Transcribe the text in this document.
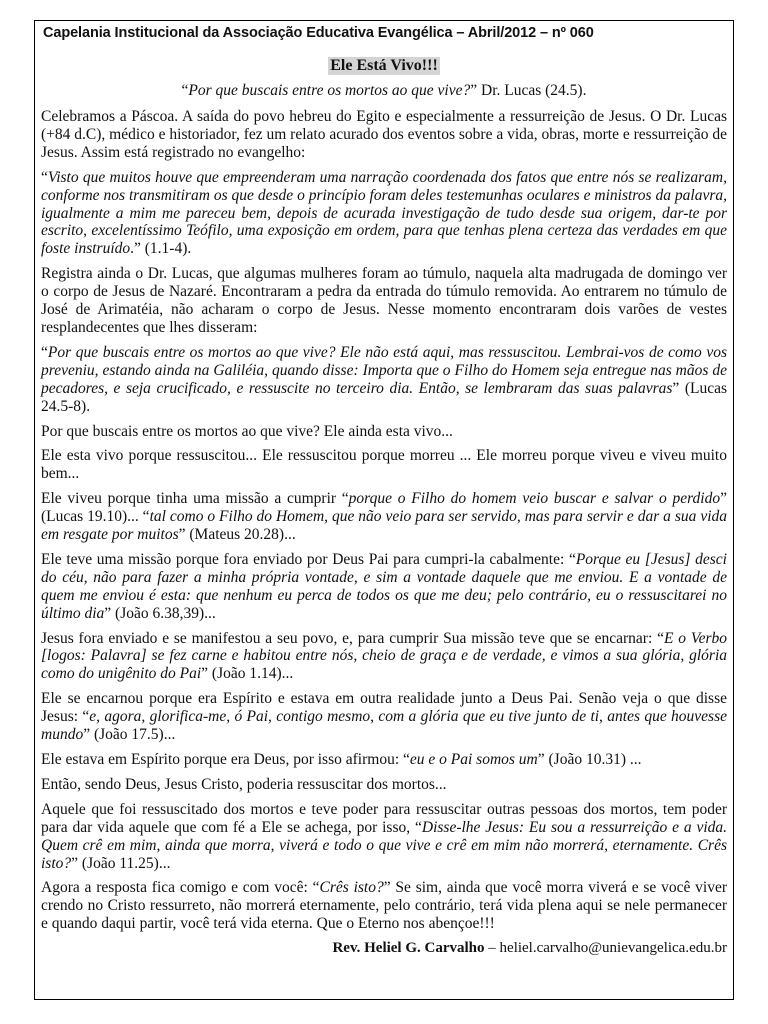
Capelania Institucional da Associação Educativa Evangélica – Abril/2012 – nº 060
Ele Está Vivo!!!
“Por que buscais entre os mortos ao que vive?” Dr. Lucas (24.5).

Celebramos a Páscoa. A saída do povo hebreu do Egito e especialmente a ressurreição de Jesus. O Dr. Lucas (+84 d.C), médico e historiador, fez um relato acurado dos eventos sobre a vida, obras, morte e ressurreição de Jesus. Assim está registrado no evangelho:

“Visto que muitos houve que empreenderam uma narração coordenada dos fatos que entre nós se realizaram, conforme nos transmitiram os que desde o princípio foram deles testemunhas oculares e ministros da palavra, igualmente a mim me pareceu bem, depois de acurada investigação de tudo desde sua origem, dar-te por escrito, excelentíssimo Teófilo, uma exposição em ordem, para que tenhas plena certeza das verdades em que foste instruído.” (1.1-4).

Registra ainda o Dr. Lucas, que algumas mulheres foram ao túmulo, naquela alta madrugada de domingo ver o corpo de Jesus de Nazaré. Encontraram a pedra da entrada do túmulo removida. Ao entrarem no túmulo de José de Arimatéia, não acharam o corpo de Jesus. Nesse momento encontraram dois varões de vestes resplandecentes que lhes disseram:

“Por que buscais entre os mortos ao que vive? Ele não está aqui, mas ressuscitou. Lembrai-vos de como vos preveniu, estando ainda na Galiléia, quando disse: Importa que o Filho do Homem seja entregue nas mãos de pecadores, e seja crucificado, e ressuscite no terceiro dia. Então, se lembraram das suas palavras” (Lucas 24.5-8).

Por que buscais entre os mortos ao que vive? Ele ainda esta vivo...

Ele esta vivo porque ressuscitou... Ele ressuscitou porque morreu ... Ele morreu porque viveu e viveu muito bem...

Ele viveu porque tinha uma missão a cumprir “porque o Filho do homem veio buscar e salvar o perdido” (Lucas 19.10)... “tal como o Filho do Homem, que não veio para ser servido, mas para servir e dar a sua vida em resgate por muitos” (Mateus 20.28)...

Ele teve uma missão porque fora enviado por Deus Pai para cumpri-la cabalmente: “Porque eu [Jesus] desci do céu, não para fazer a minha própria vontade, e sim a vontade daquele que me enviou. E a vontade de quem me enviou é esta: que nenhum eu perca de todos os que me deu; pelo contrário, eu o ressuscitarei no último dia” (João 6.38,39)...

Jesus fora enviado e se manifestou a seu povo, e, para cumprir Sua missão teve que se encarnar: “E o Verbo [logos: Palavra] se fez carne e habitou entre nós, cheio de graça e de verdade, e vimos a sua glória, glória como do unigênito do Pai” (João 1.14)...

Ele se encarnou porque era Espírito e estava em outra realidade junto a Deus Pai. Senão veja o que disse Jesus: “e, agora, glorifica-me, ó Pai, contigo mesmo, com a glória que eu tive junto de ti, antes que houvesse mundo” (João 17.5)...

Ele estava em Espírito porque era Deus, por isso afirmou: “eu e o Pai somos um” (João 10.31) ...

Então, sendo Deus, Jesus Cristo, poderia ressuscitar dos mortos...

Aquele que foi ressuscitado dos mortos e teve poder para ressuscitar outras pessoas dos mortos, tem poder para dar vida aquele que com fé a Ele se achega, por isso, “Disse-lhe Jesus: Eu sou a ressurreição e a vida. Quem crê em mim, ainda que morra, viverá e todo o que vive e crê em mim não morrerá, eternamente. Crês isto?” (João 11.25)...

Agora a resposta fica comigo e com você: “Crês isto?” Se sim, ainda que você morra viverá e se você viver crendo no Cristo ressurreto, não morrerá eternamente, pelo contrário, terá vida plena aqui se nele permanecer e quando daqui partir, você terá vida eterna. Que o Eterno nos abençoe!!!

Rev. Heliel G. Carvalho – heliel.carvalho@unievangelica.edu.br
